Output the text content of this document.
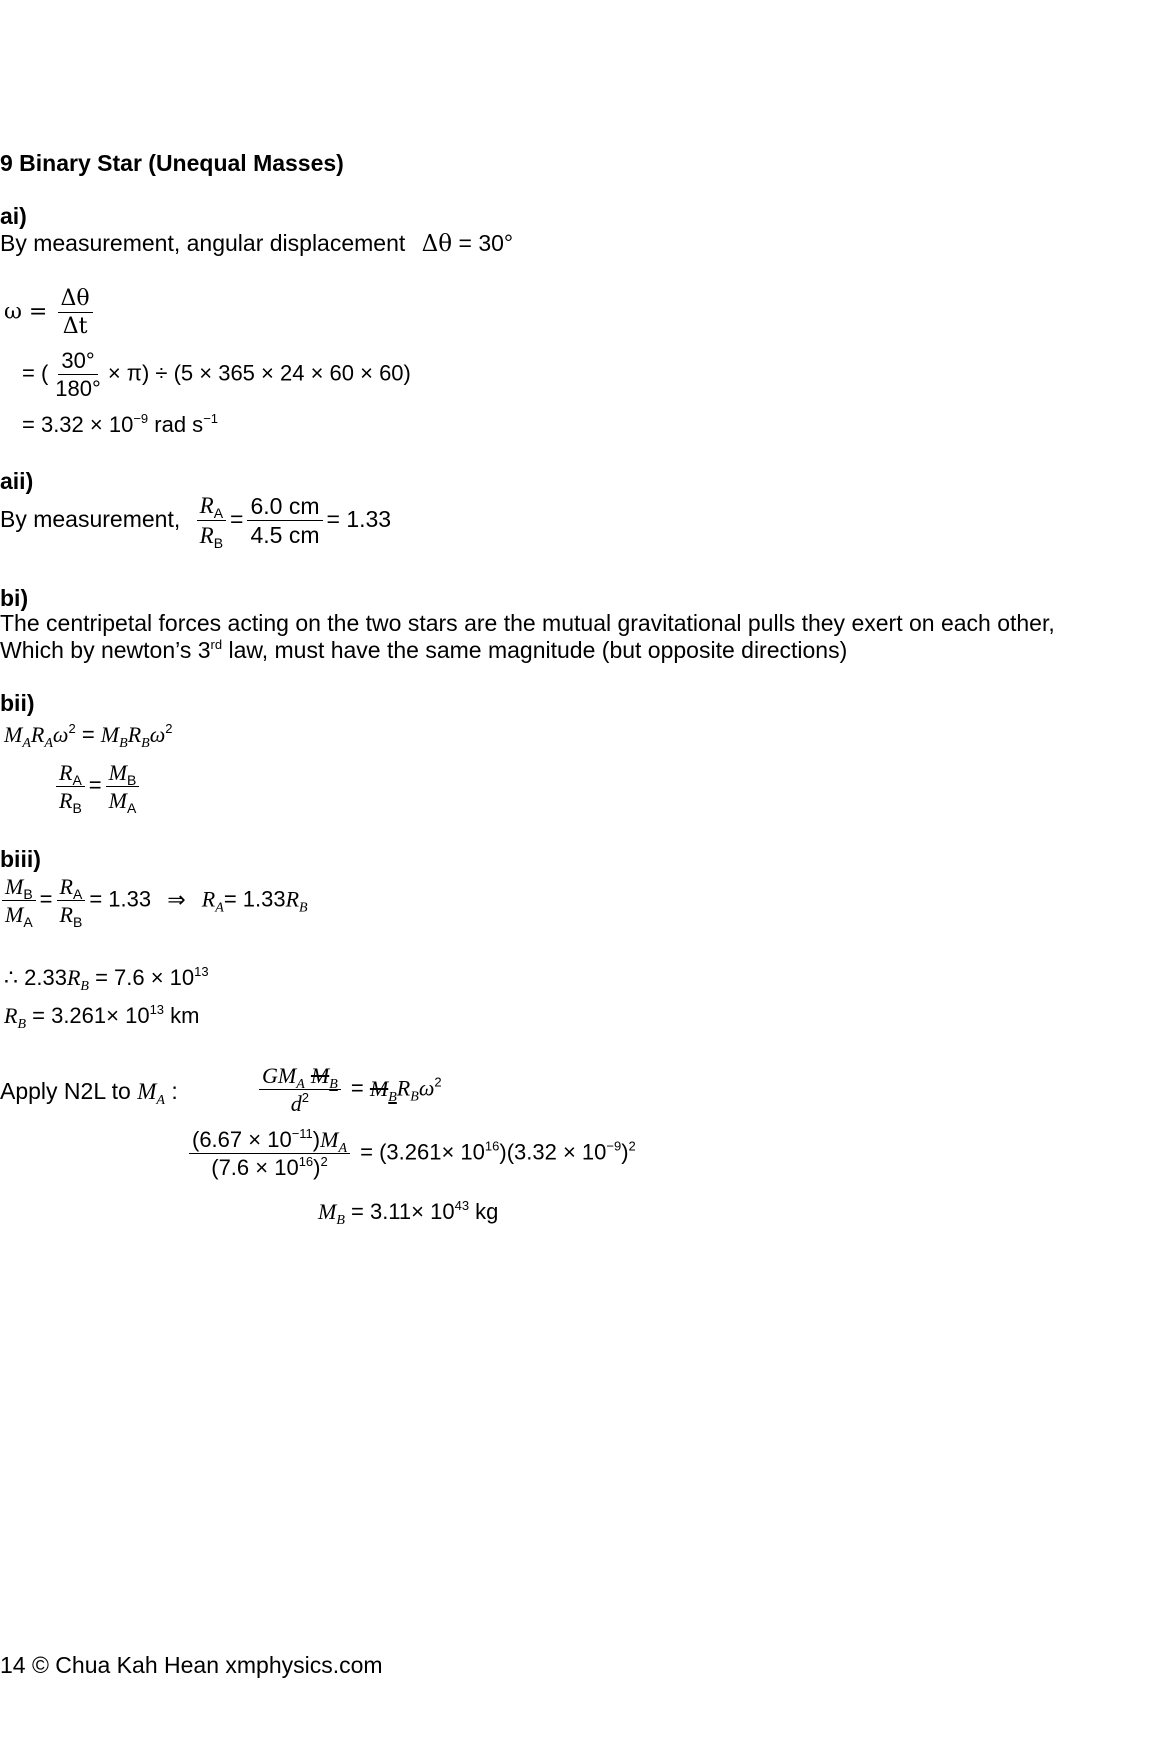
9 Binary Star (Unequal Masses)
ai)
By measurement, angular displacement Δθ = 30°
$\omega = \frac{\Delta\theta}{\Delta t}$
= ( $\frac{30^\circ}{180^\circ} \times \pi) \div (5 \times 365 \times 24 \times 60 \times 60)$
= $3.32 \times 10^{-9}$ rad $s^{-1}$
aii)
By measurement, $\frac{R_A}{R_B} = \frac{6.0 cm}{4.5 cm} = 1.33$
bi)
The centripetal forces acting on the two stars are the mutual gravitational pulls they exert on each other,
Which by newton’s 3rd law, must have the same magnitude (but opposite directions)
bii)
$M_AR_A\omega^2 = M_BR_B\omega^2$
$\frac{R_A}{R_B} = \frac{M_B}{M_A}$
biii)
$\frac{M_B}{M_A} = \frac{R_A}{R_B} = 1.33$ ⇒ $R_A= 1.33R_B$
∴ $2.33R_B = 7.6 \times 10^{13}$
$R_B = 3.261\times 10^{13}$ km
Apply N2L to $M_A$ :	$\frac{GM_A M_B}{d^2} = M_BR_B\omega^2$
$\frac{(6.67 \times 10^{-11})M_A}{(7.6 \times 10^{16})^2} = (3.261\times 10^{16})(3.32 \times 10^{-9})^2$
$M_B = 3.11\times 10^{43}$ kg
14 © Chua Kah Hean xmphysics.com
